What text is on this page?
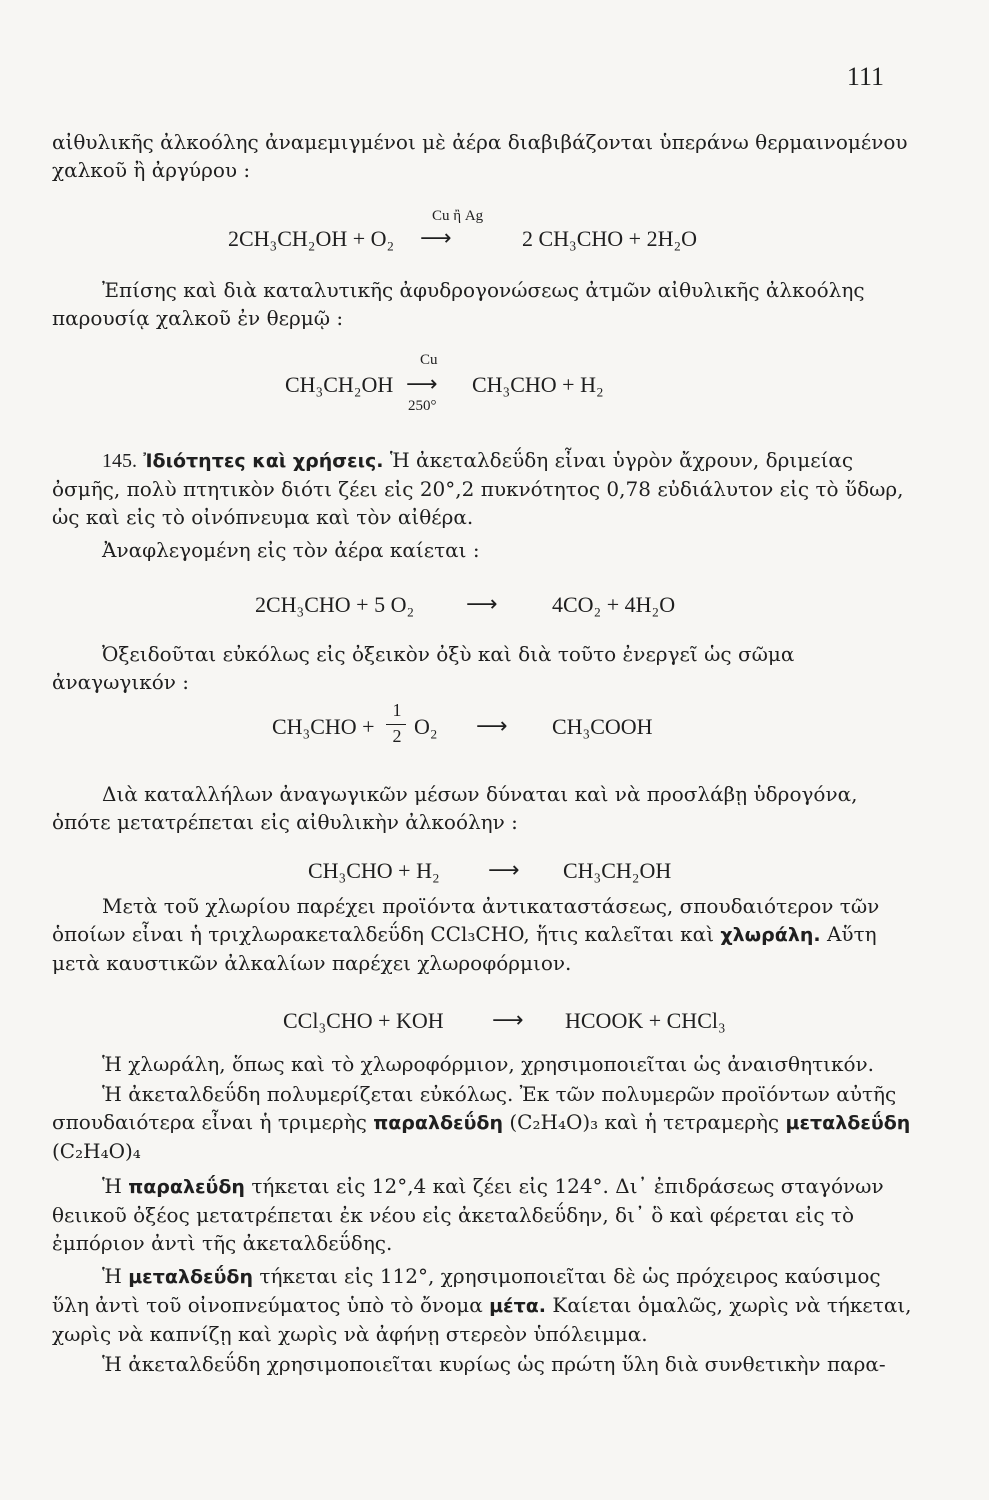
111
αἰθυλικῆς ἀλκοόλης ἀναμεμιγμένοι μὲ ἀέρα διαβιβάζονται ὑπεράνω θερμαινομένου χαλκοῦ ἢ ἀργύρου :
Cu ἢ Ag
2CH₃CH₂OH + O₂ ⟶	2 CH₃CHO + 2H₂O
Ἐπίσης καὶ διὰ καταλυτικῆς ἀφυδρογονώσεως ἀτμῶν αἰθυλικῆς ἀλκοόλης παρουσίᾳ χαλκοῦ ἐν θερμῷ :
Cu
CH₃CH₂OH ⟶ CH₃CHO + H₂
250°
145. Ἰδιότητες καὶ χρήσεις. Ἡ ἀκεταλδεΰδη εἶναι ὑγρὸν ἄχρουν, δριμείας ὀσμῆς, πολὺ πτητικὸν διότι ζέει εἰς 20°,2 πυκνότητος 0,78 εὐδιάλυτον εἰς τὸ ὕδωρ, ὡς καὶ εἰς τὸ οἰνόπνευμα καὶ τὸν αἰθέρα.
Ἀναφλεγομένη εἰς τὸν ἀέρα καίεται :
2CH₃CHO + 5 O₂ ⟶ 4CO₂ + 4H₂O
Ὀξειδοῦται εὐκόλως εἰς ὀξεικὸν ὀξὺ καὶ διὰ τοῦτο ἐνεργεῖ ὡς σῶμα ἀναγωγικόν :
CH₃CHO +
1
2 O₂ ⟶ CH₃COOH
Διὰ καταλλήλων ἀναγωγικῶν μέσων δύναται καὶ νὰ προσλάβῃ ὑδρογόνα, ὁπότε μετατρέπεται εἰς αἰθυλικὴν ἀλκοόλην :
CH₃CHO + H₂ ⟶ CH₃CH₂OH
Μετὰ τοῦ χλωρίου παρέχει προϊόντα ἀντικαταστάσεως, σπουδαιότερον τῶν ὁποίων εἶναι ἡ τριχλωρακεταλδεΰδη CCl₃CHO, ἥτις καλεῖται καὶ χλωράλη. Αὕτη μετὰ καυστικῶν ἀλκαλίων παρέχει χλωροφόρμιον.
CCl₃CHO + KOH ⟶ HCOOK + CHCl₃
Ἡ χλωράλη, ὅπως καὶ τὸ χλωροφόρμιον, χρησιμοποιεῖται ὡς ἀναισθητικόν.
Ἡ ἀκεταλδεΰδη πολυμερίζεται εὐκόλως. Ἐκ τῶν πολυμερῶν προϊόντων αὐτῆς σπουδαιότερα εἶναι ἡ τριμερὴς παραλδεΰδη (C₂H₄O)₃ καὶ ἡ τετραμερὴς μεταλδεΰδη (C₂H₄O)₄
Ἡ παραλεΰδη τήκεται εἰς 12°,4 καὶ ζέει εἰς 124°. Δι᾽ ἐπιδράσεως σταγόνων θειικοῦ ὀξέος μετατρέπεται ἐκ νέου εἰς ἀκεταλδεΰδην, δι᾽ ὃ καὶ φέρεται εἰς τὸ ἐμπόριον ἀντὶ τῆς ἀκεταλδεΰδης.
Ἡ μεταλδεΰδη τήκεται εἰς 112°, χρησιμοποιεῖται δὲ ὡς πρόχειρος καύσιμος ὕλη ἀντὶ τοῦ οἰνοπνεύματος ὑπὸ τὸ ὄνομα μέτα. Καίεται ὁμαλῶς, χωρὶς νὰ τήκεται, χωρὶς νὰ καπνίζῃ καὶ χωρὶς νὰ ἀφήνῃ στερεὸν ὑπόλειμμα.
Ἡ ἀκεταλδεΰδη χρησιμοποιεῖται κυρίως ὡς πρώτη ὕλη διὰ συνθετικὴν παρα-
